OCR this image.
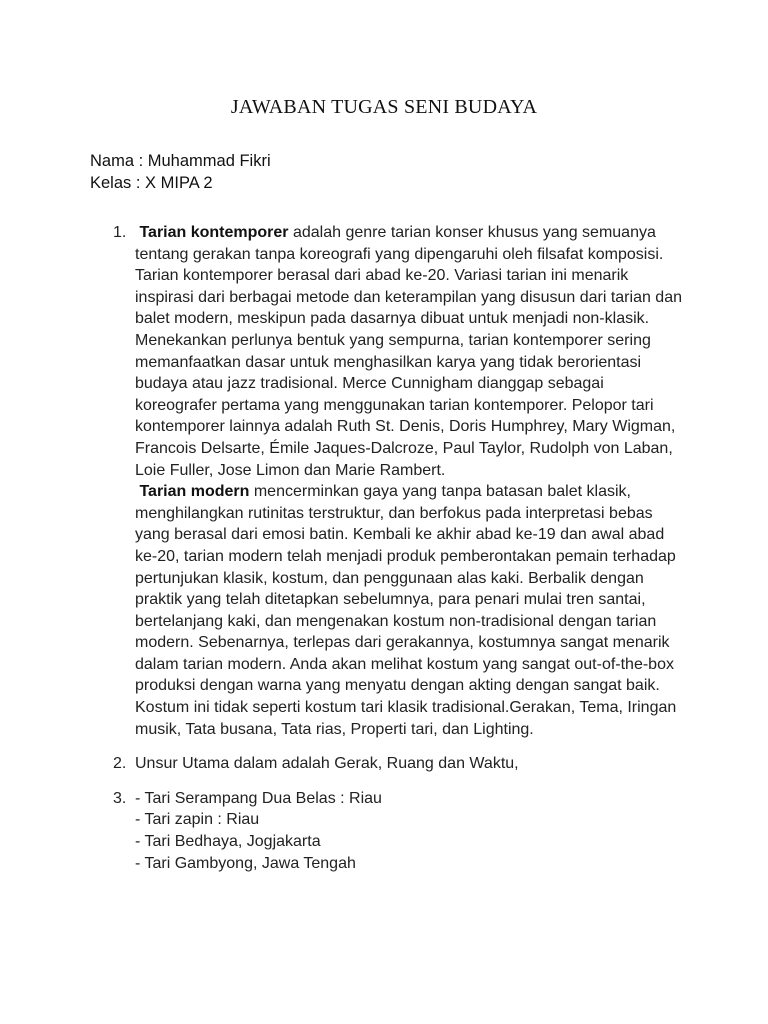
JAWABAN TUGAS SENI BUDAYA
Nama : Muhammad Fikri
Kelas : X MIPA 2
1. Tarian kontemporer adalah genre tarian konser khusus yang semuanya tentang gerakan tanpa koreografi yang dipengaruhi oleh filsafat komposisi. Tarian kontemporer berasal dari abad ke-20. Variasi tarian ini menarik inspirasi dari berbagai metode dan keterampilan yang disusun dari tarian dan balet modern, meskipun pada dasarnya dibuat untuk menjadi non-klasik. Menekankan perlunya bentuk yang sempurna, tarian kontemporer sering memanfaatkan dasar untuk menghasilkan karya yang tidak berorientasi budaya atau jazz tradisional. Merce Cunnigham dianggap sebagai koreografer pertama yang menggunakan tarian kontemporer. Pelopor tari kontemporer lainnya adalah Ruth St. Denis, Doris Humphrey, Mary Wigman, Francois Delsarte, Émile Jaques-Dalcroze, Paul Taylor, Rudolph von Laban, Loie Fuller, Jose Limon dan Marie Rambert.

Tarian modern mencerminkan gaya yang tanpa batasan balet klasik, menghilangkan rutinitas terstruktur, dan berfokus pada interpretasi bebas yang berasal dari emosi batin. Kembali ke akhir abad ke-19 dan awal abad ke-20, tarian modern telah menjadi produk pemberontakan pemain terhadap pertunjukan klasik, kostum, dan penggunaan alas kaki. Berbalik dengan praktik yang telah ditetapkan sebelumnya, para penari mulai tren santai, bertelanjang kaki, dan mengenakan kostum non-tradisional dengan tarian modern. Sebenarnya, terlepas dari gerakannya, kostumnya sangat menarik dalam tarian modern. Anda akan melihat kostum yang sangat out-of-the-box produksi dengan warna yang menyatu dengan akting dengan sangat baik. Kostum ini tidak seperti kostum tari klasik tradisional.Gerakan, Tema, Iringan musik, Tata busana, Tata rias, Properti tari, dan Lighting.

2. Unsur Utama dalam adalah Gerak, Ruang dan Waktu,

3. - Tari Serampang Dua Belas : Riau
- Tari zapin : Riau
- Tari Bedhaya, Jogjakarta
- Tari Gambyong, Jawa Tengah
